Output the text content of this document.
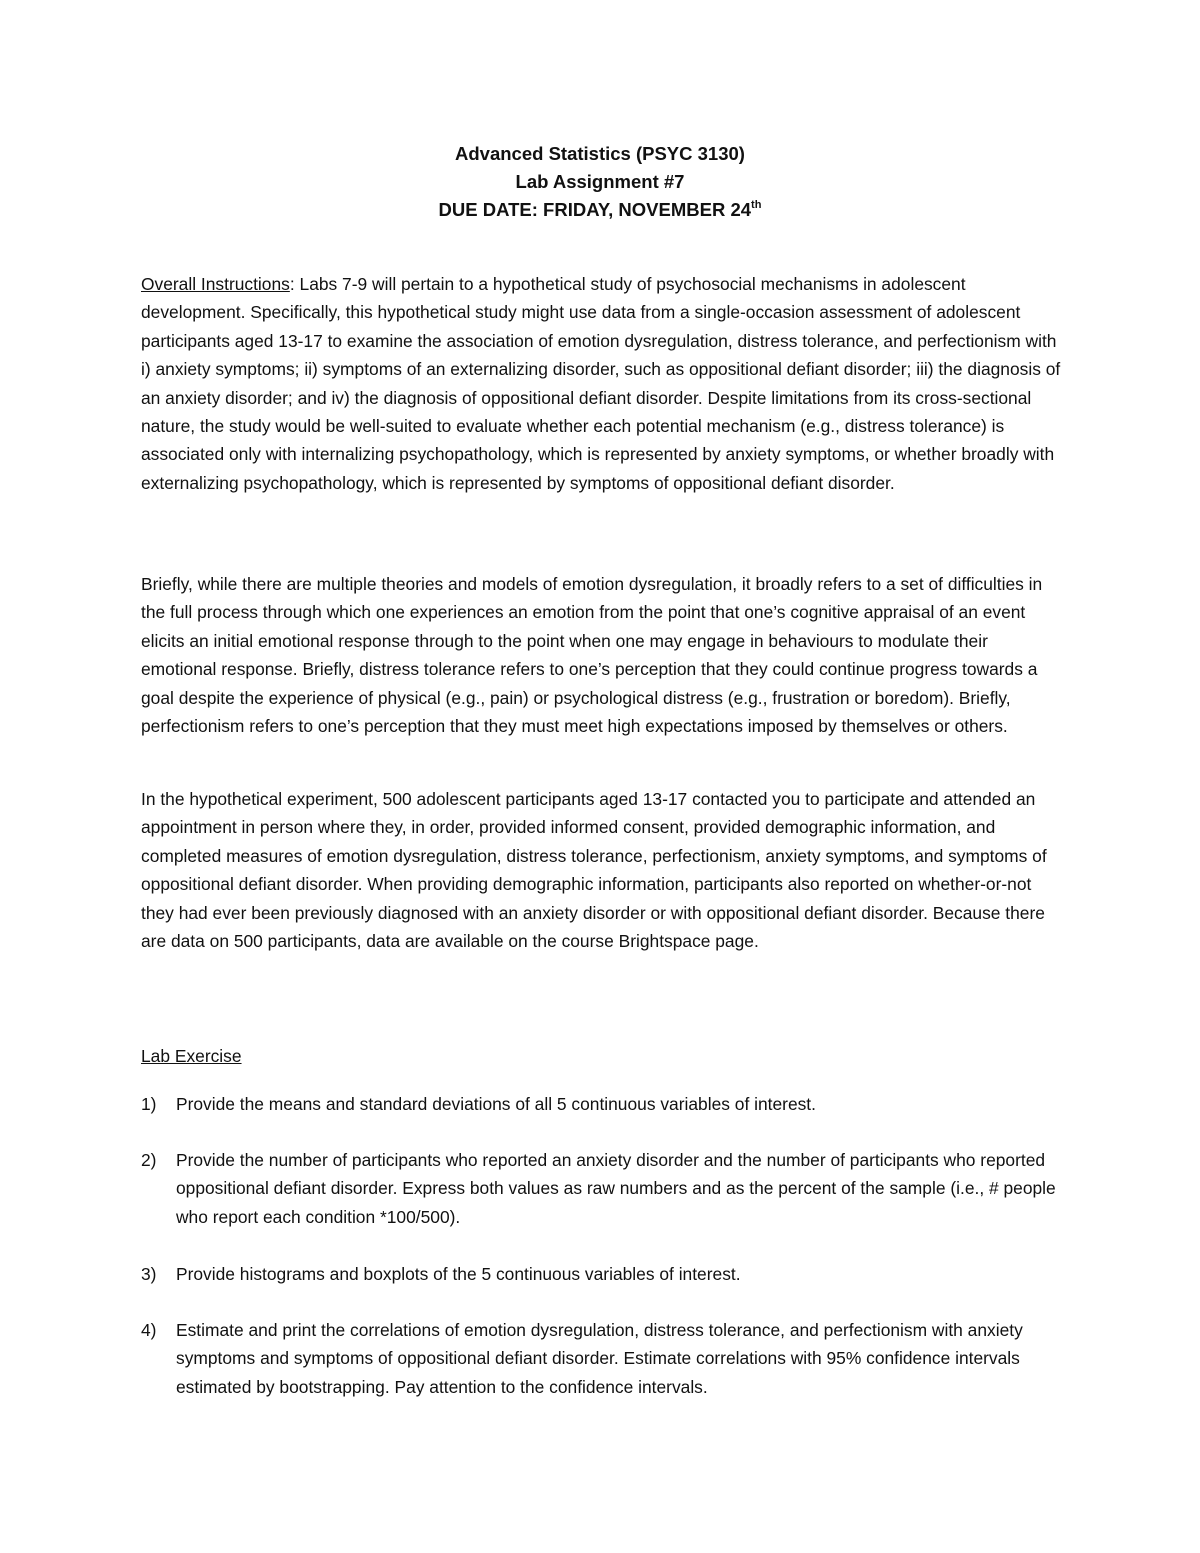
Advanced Statistics (PSYC 3130)
Lab Assignment #7
DUE DATE: FRIDAY, NOVEMBER 24th

Overall Instructions: Labs 7-9 will pertain to a hypothetical study of psychosocial mechanisms in adolescent development. Specifically, this hypothetical study might use data from a single-occasion assessment of adolescent participants aged 13-17 to examine the association of emotion dysregulation, distress tolerance, and perfectionism with i) anxiety symptoms; ii) symptoms of an externalizing disorder, such as oppositional defiant disorder; iii) the diagnosis of an anxiety disorder; and iv) the diagnosis of oppositional defiant disorder. Despite limitations from its cross-sectional nature, the study would be well-suited to evaluate whether each potential mechanism (e.g., distress tolerance) is associated only with internalizing psychopathology, which is represented by anxiety symptoms, or whether broadly with externalizing psychopathology, which is represented by symptoms of oppositional defiant disorder.

Briefly, while there are multiple theories and models of emotion dysregulation, it broadly refers to a set of difficulties in the full process through which one experiences an emotion from the point that one’s cognitive appraisal of an event elicits an initial emotional response through to the point when one may engage in behaviours to modulate their emotional response. Briefly, distress tolerance refers to one’s perception that they could continue progress towards a goal despite the experience of physical (e.g., pain) or psychological distress (e.g., frustration or boredom). Briefly, perfectionism refers to one’s perception that they must meet high expectations imposed by themselves or others.

In the hypothetical experiment, 500 adolescent participants aged 13-17 contacted you to participate and attended an appointment in person where they, in order, provided informed consent, provided demographic information, and completed measures of emotion dysregulation, distress tolerance, perfectionism, anxiety symptoms, and symptoms of oppositional defiant disorder. When providing demographic information, participants also reported on whether-or-not they had ever been previously diagnosed with an anxiety disorder or with oppositional defiant disorder. Because there are data on 500 participants, data are available on the course Brightspace page.

Lab Exercise
1)	Provide the means and standard deviations of all 5 continuous variables of interest.
2)	Provide the number of participants who reported an anxiety disorder and the number of participants who reported oppositional defiant disorder. Express both values as raw numbers and as the percent of the sample (i.e., # people who report each condition *100/500).
3)	Provide histograms and boxplots of the 5 continuous variables of interest.
4)	Estimate and print the correlations of emotion dysregulation, distress tolerance, and perfectionism with anxiety symptoms and symptoms of oppositional defiant disorder. Estimate correlations with 95% confidence intervals estimated by bootstrapping. Pay attention to the confidence intervals.
